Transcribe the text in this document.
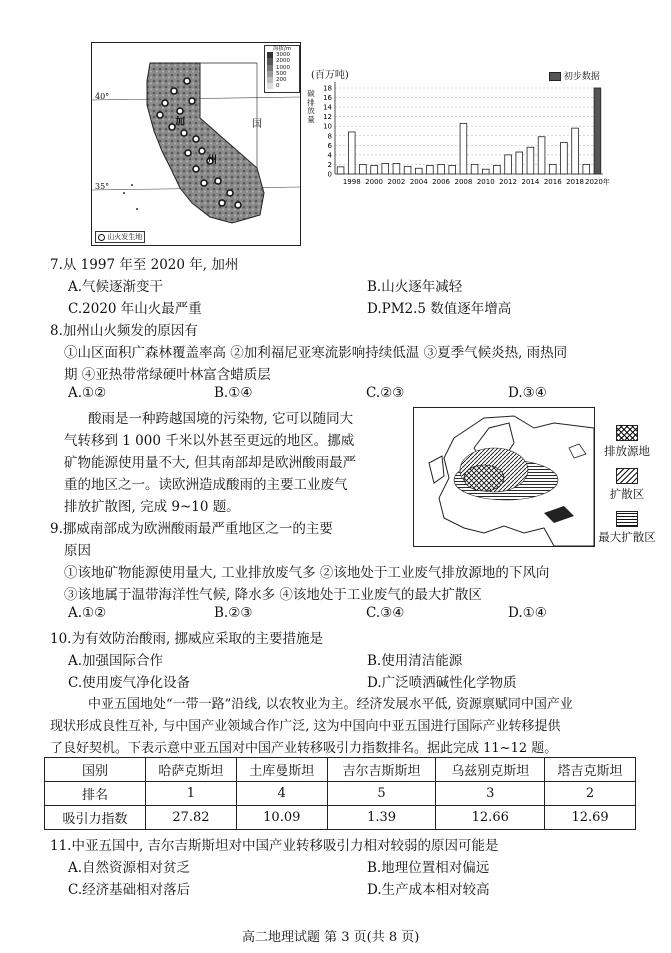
海拔/m
3000
2000
1000
500
200
0
40°
35°
加
州
国
山火发生地
(百万吨)
碳排放量
0
2
4
6
8
10
12
14
16
18
1998 2000 2002 2004 2006 2008 2010 2012 2014 2016 2018 2020年
初步数据
7.从 1997 年至 2020 年, 加州
A.气候逐渐变干	B.山火逐年减轻
C.2020 年山火最严重	D.PM2.5 数值逐年增高
8.加州山火频发的原因有
①山区面积广森林覆盖率高 ②加利福尼亚寒流影响持续低温 ③夏季气候炎热, 雨热同
期 ④亚热带常绿硬叶林富含蜡质层
A.①②	B.①④	C.②③	D.③④
酸雨是一种跨越国境的污染物, 它可以随同大
气转移到 1 000 千米以外甚至更远的地区。挪威
矿物能源使用量不大, 但其南部却是欧洲酸雨最严
重的地区之一。读欧洲造成酸雨的主要工业废气
排放扩散图, 完成 9~10 题。
排放源地
扩散区
最大扩散区
9.挪威南部成为欧洲酸雨最严重地区之一的主要
原因
①该地矿物能源使用量大, 工业排放废气多 ②该地处于工业废气排放源地的下风向
③该地属于温带海洋性气候, 降水多 ④该地处于工业废气的最大扩散区
A.①②	B.②③	C.③④	D.①④
10.为有效防治酸雨, 挪威应采取的主要措施是
A.加强国际合作	B.使用清洁能源
C.使用废气净化设备	D.广泛喷洒碱性化学物质
中亚五国地处“一带一路”沿线, 以农牧业为主。经济发展水平低, 资源禀赋同中国产业
现状形成良性互补, 与中国产业领域合作广泛, 这为中国向中亚五国进行国际产业转移提供
了良好契机。下表示意中亚五国对中国产业转移吸引力指数排名。据此完成 11~12 题。
国别	哈萨克斯坦	土库曼斯坦	吉尔吉斯斯坦	乌兹别克斯坦	塔吉克斯坦
排名	1	4	5	3	2
吸引力指数	27.82	10.09	1.39	12.66	12.69
11.中亚五国中, 吉尔吉斯斯坦对中国产业转移吸引力相对较弱的原因可能是
A.自然资源相对贫乏	B.地理位置相对偏远
C.经济基础相对落后	D.生产成本相对较高
高二地理试题 第 3 页(共 8 页)
